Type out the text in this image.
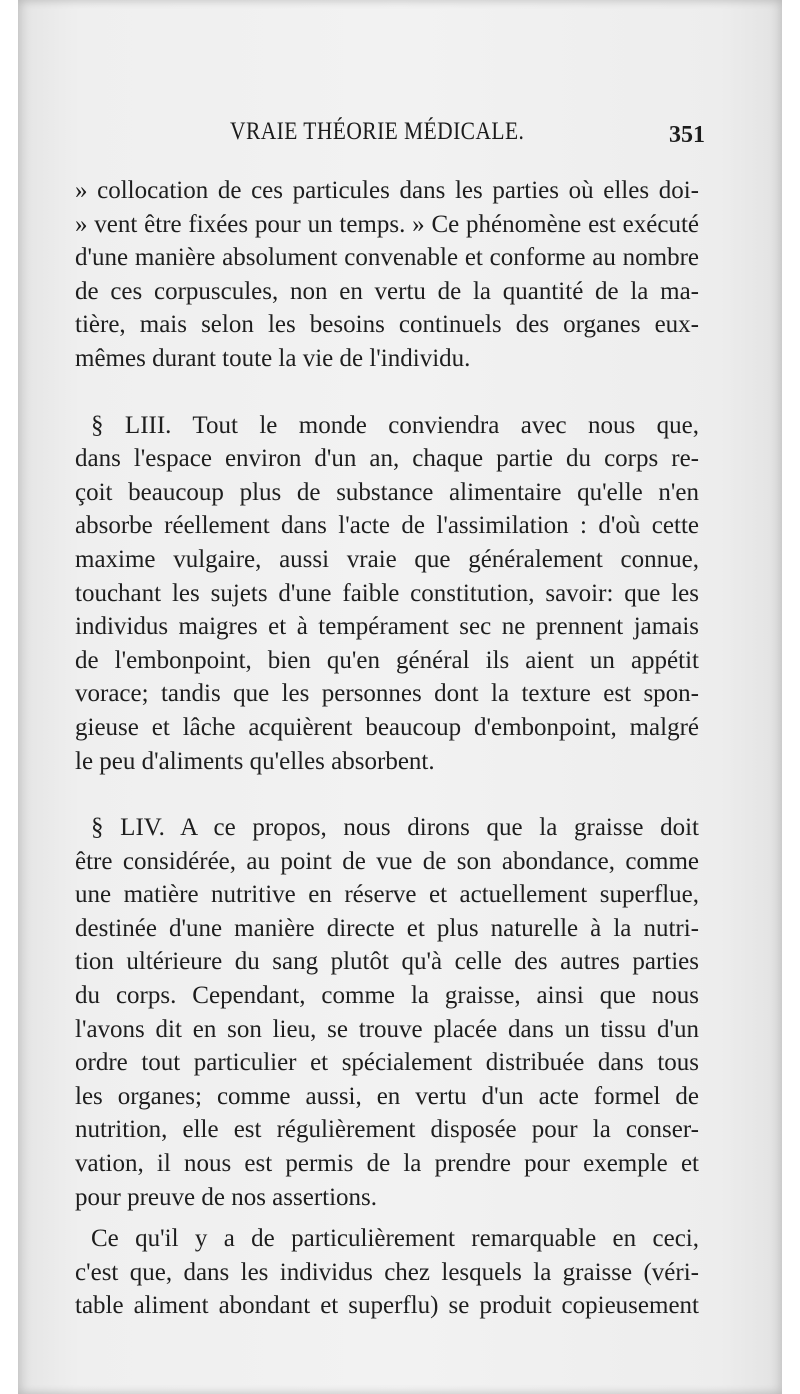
VRAIE THÉORIE MÉDICALE.	351
» collocation de ces particules dans les parties où elles doi-
» vent être fixées pour un temps. » Ce phénomène est exécuté
d'une manière absolument convenable et conforme au nombre
de ces corpuscules, non en vertu de la quantité de la ma-
tière, mais selon les besoins continuels des organes eux-
mêmes durant toute la vie de l'individu.
§ LIII. Tout le monde conviendra avec nous que,
dans l'espace environ d'un an, chaque partie du corps re-
çoit beaucoup plus de substance alimentaire qu'elle n'en
absorbe réellement dans l'acte de l'assimilation : d'où cette
maxime vulgaire, aussi vraie que généralement connue,
touchant les sujets d'une faible constitution, savoir: que les
individus maigres et à tempérament sec ne prennent jamais
de l'embonpoint, bien qu'en général ils aient un appétit
vorace; tandis que les personnes dont la texture est spon-
gieuse et lâche acquièrent beaucoup d'embonpoint, malgré
le peu d'aliments qu'elles absorbent.
§ LIV. A ce propos, nous dirons que la graisse doit
être considérée, au point de vue de son abondance, comme
une matière nutritive en réserve et actuellement superflue,
destinée d'une manière directe et plus naturelle à la nutri-
tion ultérieure du sang plutôt qu'à celle des autres parties
du corps. Cependant, comme la graisse, ainsi que nous
l'avons dit en son lieu, se trouve placée dans un tissu d'un
ordre tout particulier et spécialement distribuée dans tous
les organes; comme aussi, en vertu d'un acte formel de
nutrition, elle est régulièrement disposée pour la conser-
vation, il nous est permis de la prendre pour exemple et
pour preuve de nos assertions.
Ce qu'il y a de particulièrement remarquable en ceci,
c'est que, dans les individus chez lesquels la graisse (véri-
table aliment abondant et superflu) se produit copieusement
